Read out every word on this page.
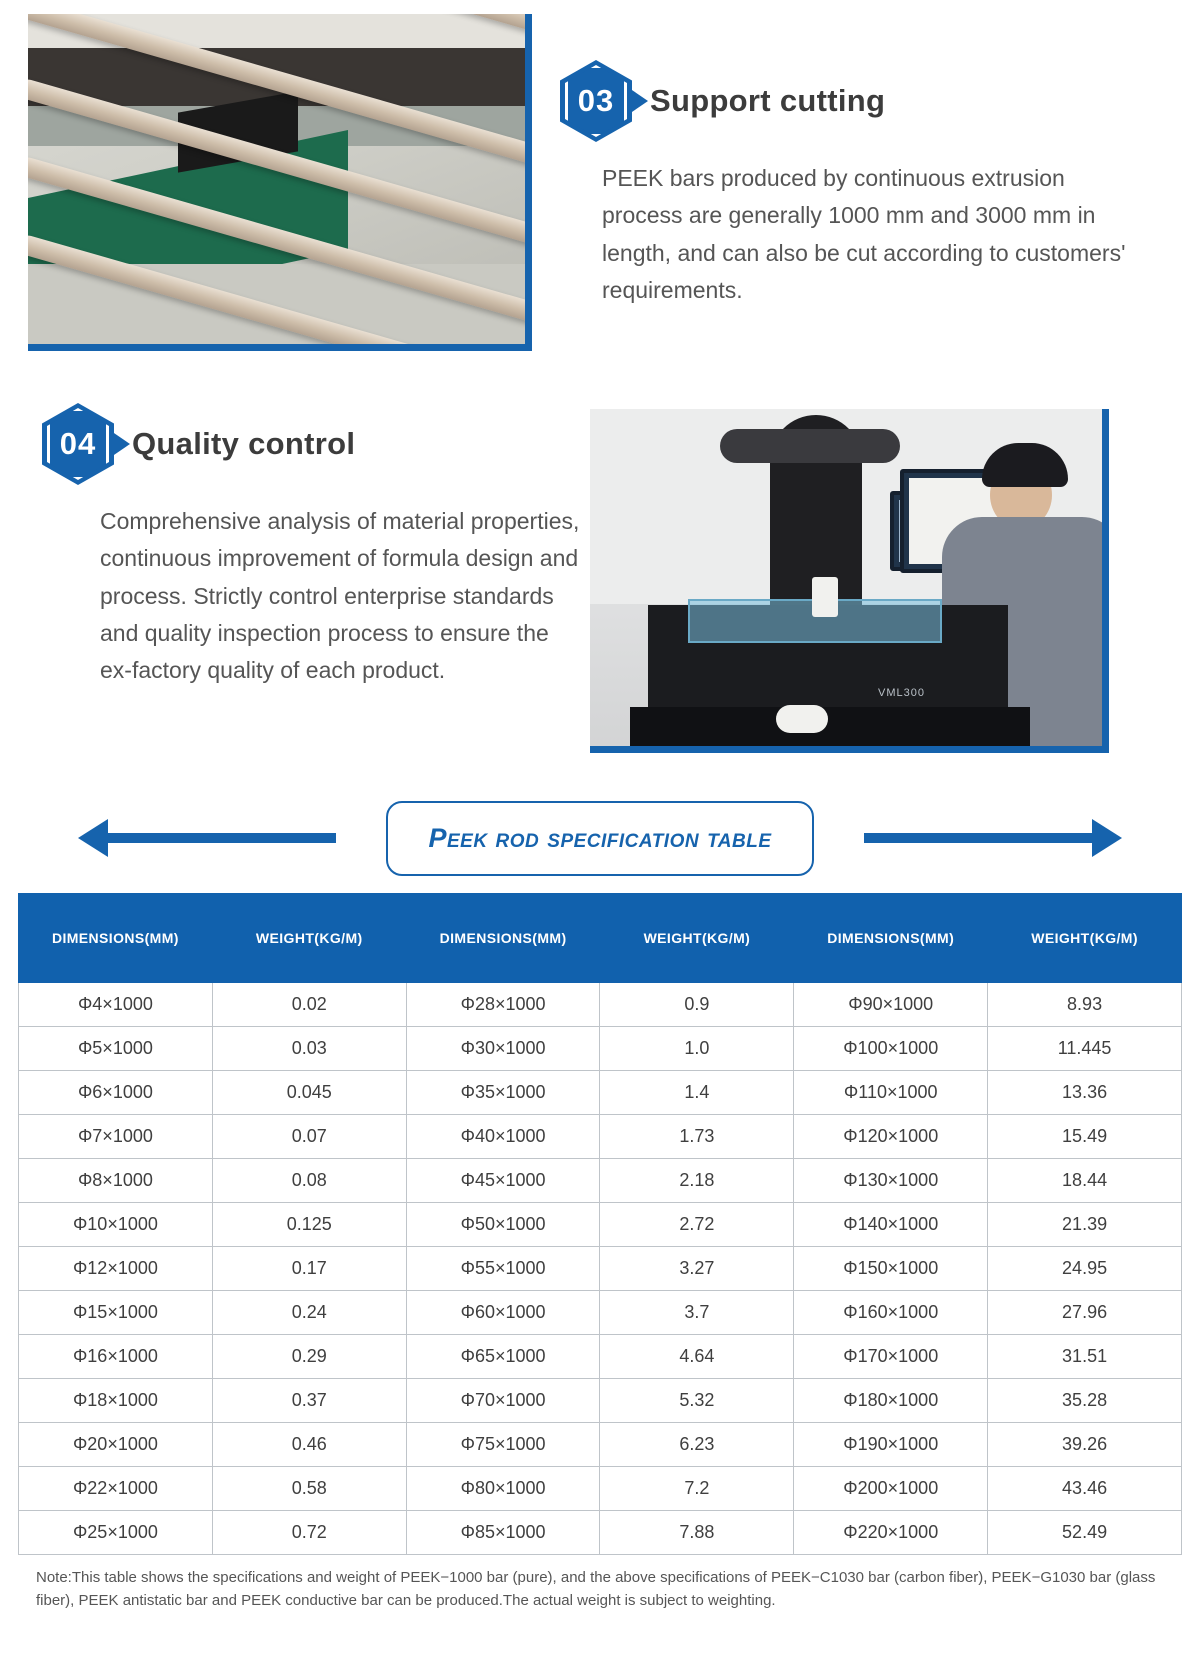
03 Support cutting
PEEK bars produced by continuous extrusion process are generally 1000 mm and 3000 mm in length, and can also be cut according to customers' requirements.
04 Quality control
Comprehensive analysis of material properties, continuous improvement of formula design and process. Strictly control enterprise standards and quality inspection process to ensure the ex-factory quality of each product.
VML300
Peek rod specification table
DIMENSIONS(MM)	WEIGHT(KG/M)	DIMENSIONS(MM)	WEIGHT(KG/M)	DIMENSIONS(MM)	WEIGHT(KG/M)
Φ4×1000	0.02	Φ28×1000	0.9	Φ90×1000	8.93
Φ5×1000	0.03	Φ30×1000	1.0	Φ100×1000	11.445
Φ6×1000	0.045	Φ35×1000	1.4	Φ110×1000	13.36
Φ7×1000	0.07	Φ40×1000	1.73	Φ120×1000	15.49
Φ8×1000	0.08	Φ45×1000	2.18	Φ130×1000	18.44
Φ10×1000	0.125	Φ50×1000	2.72	Φ140×1000	21.39
Φ12×1000	0.17	Φ55×1000	3.27	Φ150×1000	24.95
Φ15×1000	0.24	Φ60×1000	3.7	Φ160×1000	27.96
Φ16×1000	0.29	Φ65×1000	4.64	Φ170×1000	31.51
Φ18×1000	0.37	Φ70×1000	5.32	Φ180×1000	35.28
Φ20×1000	0.46	Φ75×1000	6.23	Φ190×1000	39.26
Φ22×1000	0.58	Φ80×1000	7.2	Φ200×1000	43.46
Φ25×1000	0.72	Φ85×1000	7.88	Φ220×1000	52.49
Note:This table shows the specifications and weight of PEEK−1000 bar (pure), and the above specifications of PEEK−C1030 bar (carbon fiber), PEEK−G1030 bar (glass fiber), PEEK antistatic bar and PEEK conductive bar can be produced.The actual weight is subject to weighting.
